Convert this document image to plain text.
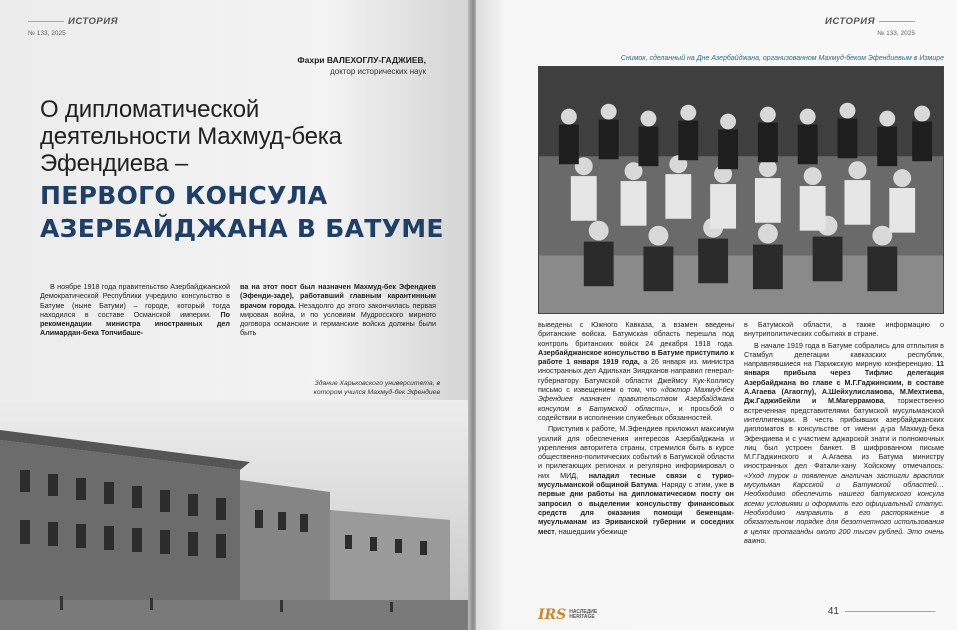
ИСТОРИЯ
№ 133, 2025
Фахри ВАЛЕХОГЛУ-ГАДЖИЕВ,
доктор исторических наук
О дипломатической
деятельности Махмуд-бека
Эфендиева –
ПЕРВОГО КОНСУЛА
АЗЕРБАЙДЖАНА В БАТУМЕ

В ноябре 1918 года правительство Азербайджанской Демократической Республики учредило консульство в Батуме (ныне Батуми) – городе, который тогда находился в составе Османской империи. По рекомендации министра иностранных дел Алимардан-бека Топчибаше-

ва на этот пост был назначен Махмуд-бек Эфендиев (Эфенди-заде), работавший главным карантинным врачом города. Незадолго до этого закончилась первая мировая война, и по условиям Мудросского мирного договора османские и германские войска должны были быть

Здание Харьковского университета, в котором учился Махмуд-бек Эфендиев
ИСТОРИЯ
№ 133, 2025
Снимок, сделанный на Дне Азербайджана, организованном Махмуд-беком Эфендиевым в Измире

выведены с Южного Кавказа, а взамен введены британские войска. Батумская область перешла под контроль британских войск 24 декабря 1918 года. Азербайджанское консульство в Батуме приступило к работе 1 января 1919 года, а 26 января из. министра иностранных дел Адильхан Зиядханов направил генерал-губернатору Батумской области Джеймсу Кук-Коллису письмо с извещением о том, что «доктор Махмуд-бек Эфендиев назначен правительством Азербайджана консулом в Батумской области», и просьбой о содействии в исполнении служебных обязанностей.

Приступив к работе, М.Эфендиев приложил максимум усилий для обеспечения интересов Азербайджана и укрепления авторитета страны, стремился быть в курсе общественно-политических событий в Батумской области и прилегающих регионах и регулярно информировал о них МИД, наладил тесные связи с турко-мусульманской общиной Батума. Наряду с этим, уже в первые дни работы на дипломатическом посту он запросил о выделении консульству финансовых средств для оказания помощи беженцам-мусульманам из Эриванской губернии и соседних мест, нашедшим убежище

в Батумской области, а также информацию о внутриполитических событиях в стране.

В начале 1919 года в Батуме собрались для отплытия в Стамбул делегации кавказских республик, направлявшиеся на Парижскую мирную конференцию. 11 января прибыла через Тифлис делегация Азербайджана во главе с М.Г.Гаджинским, в составе А.Агаева (Агаоглу), А.Шейхулисламова, М.Мехтиева, Дж.Гаджибейли и М.Магеррамова, торжественно встреченная представителями батумской мусульманской интеллигенции. В честь прибывших азербайджанских дипломатов в консульстве от имени д-ра Махмуд-бека Эфендиева и с участием аджарской знати и полномочных лиц был устроен банкет. В шифрованном письме М.Г.Гаджинского и А.Агаева из Батума министру иностранных дел Фатали-хану Хойскому отмечалось: «Уход турок и появление англичан застигли врасплох мусульман Карсской и Батумской областей… Необходимо обеспечить нашего батумского консула всеми условиями и оформить его официальный статус. Необходимо направить в его распоряжение в обязательном порядке для безотчетного использования в целях пропаганды около 200 тысяч рублей. Это очень важно.

IRS НАСЛЕДИЕ
HERITAGE	41
